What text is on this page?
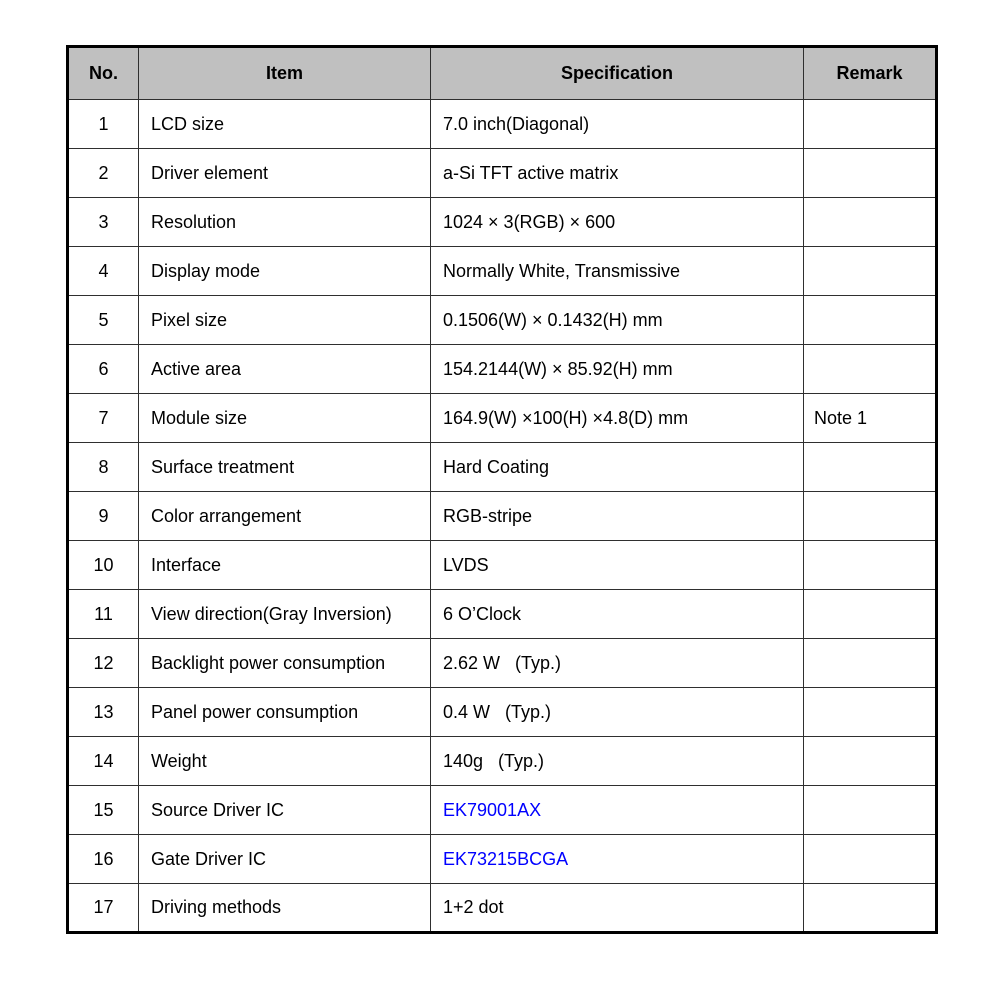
No.	Item	Specification	Remark
1	LCD size	7.0 inch(Diagonal)	
2	Driver element	a-Si TFT active matrix	
3	Resolution	1024 × 3(RGB) × 600	
4	Display mode	Normally White, Transmissive	
5	Pixel size	0.1506(W) × 0.1432(H) mm	
6	Active area	154.2144(W) × 85.92(H) mm	
7	Module size	164.9(W) ×100(H) ×4.8(D) mm	Note 1
8	Surface treatment	Hard Coating	
9	Color arrangement	RGB-stripe	
10	Interface	LVDS	
11	View direction(Gray Inversion)	6 O’Clock	
12	Backlight power consumption	2.62 W   (Typ.)	
13	Panel power consumption	0.4 W   (Typ.)	
14	Weight	140g   (Typ.)	
15	Source Driver IC	EK79001AX	
16	Gate Driver IC	EK73215BCGA	
17	Driving methods	1+2 dot	
